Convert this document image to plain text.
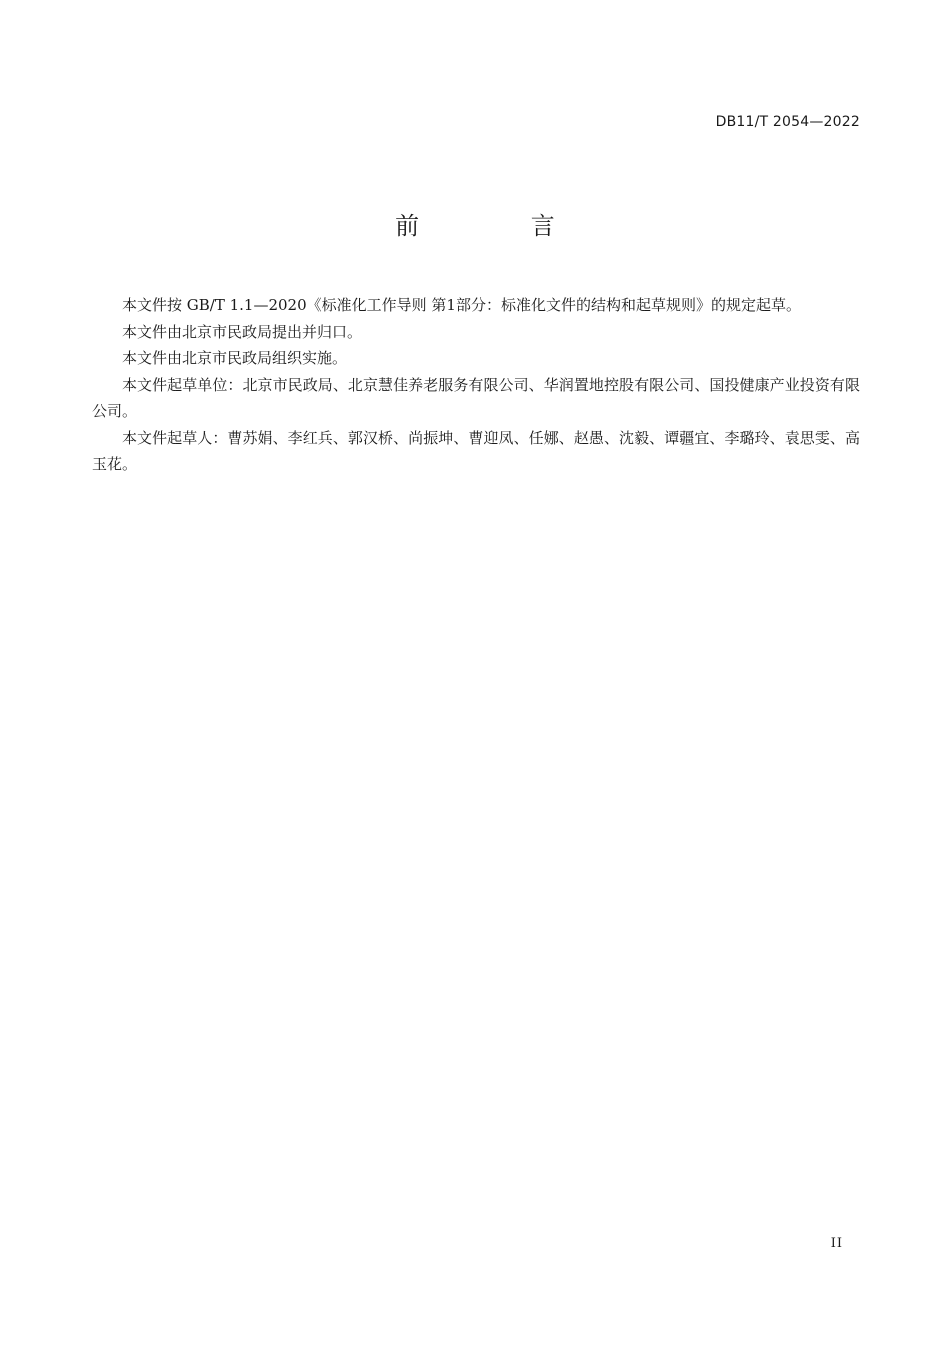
DB11/T 2054—2022
前 言

本文件按 GB/T 1.1—2020《标准化工作导则 第1部分：标准化文件的结构和起草规则》的规定起草。

本文件由北京市民政局提出并归口。

本文件由北京市民政局组织实施。

本文件起草单位：北京市民政局、北京慧佳养老服务有限公司、华润置地控股有限公司、国投健康产业投资有限公司。

本文件起草人：曹苏娟、李红兵、郭汉桥、尚振坤、曹迎凤、任娜、赵愚、沈毅、谭疆宜、李璐玲、袁思雯、高玉花。

II
